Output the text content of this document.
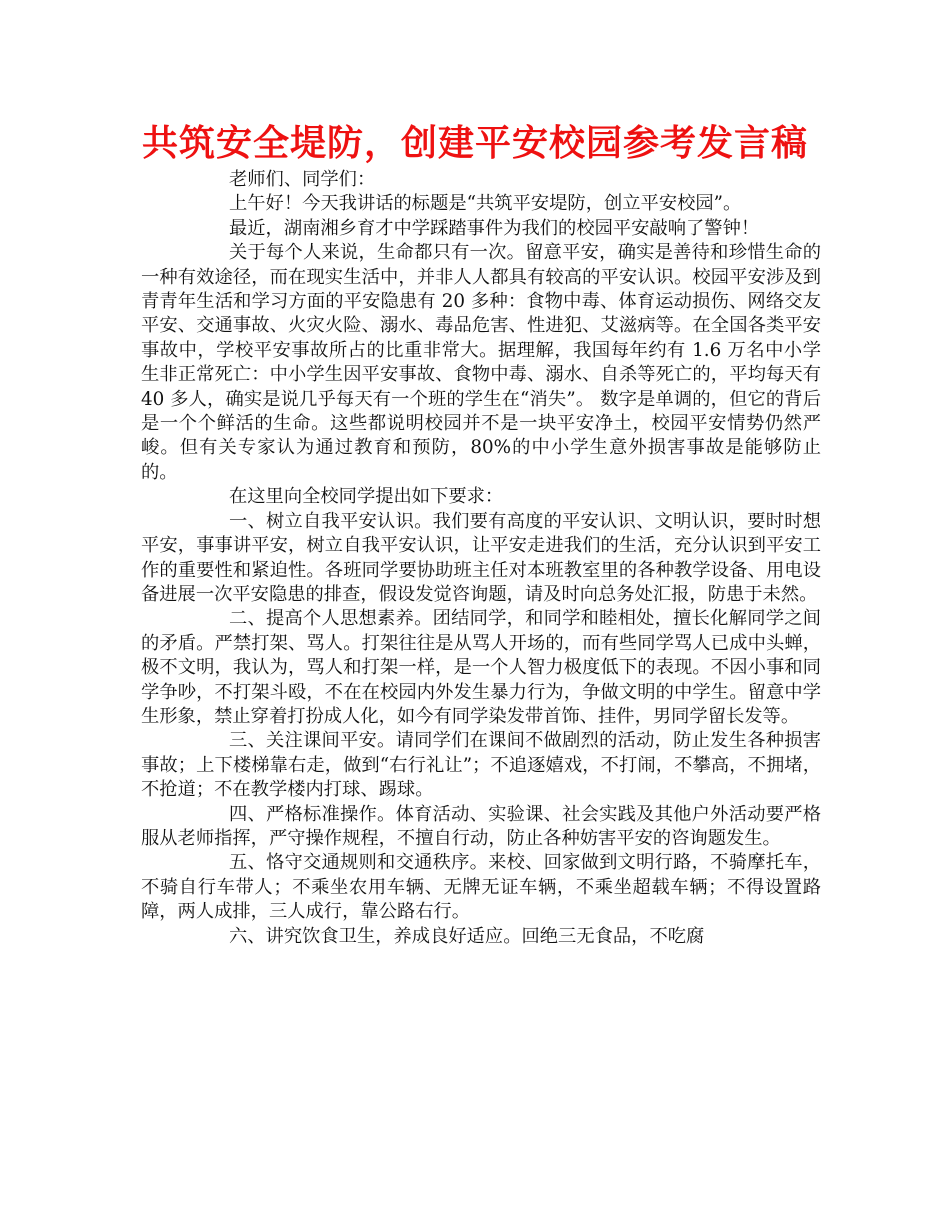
共筑安全堤防，创建平安校园参考发言稿

老师们、同学们：

上午好！今天我讲话的标题是“共筑平安堤防，创立平安校园”。

最近，湖南湘乡育才中学踩踏事件为我们的校园平安敲响了警钟！

关于每个人来说，生命都只有一次。留意平安，确实是善待和珍惜生命的一种有效途径，而在现实生活中，并非人人都具有较高的平安认识。校园平安涉及到青青年生活和学习方面的平安隐患有 20 多种：食物中毒、体育运动损伤、网络交友平安、交通事故、火灾火险、溺水、毒品危害、性进犯、艾滋病等。在全国各类平安事故中，学校平安事故所占的比重非常大。据理解，我国每年约有 1.6 万名中小学生非正常死亡：中小学生因平安事故、食物中毒、溺水、自杀等死亡的，平均每天有 40 多人，确实是说几乎每天有一个班的学生在“消失”。 数字是单调的，但它的背后是一个个鲜活的生命。这些都说明校园并不是一块平安净土，校园平安情势仍然严峻。但有关专家认为通过教育和预防，80%的中小学生意外损害事故是能够防止的。

在这里向全校同学提出如下要求：

一、树立自我平安认识。我们要有高度的平安认识、文明认识，要时时想平安，事事讲平安，树立自我平安认识，让平安走进我们的生活，充分认识到平安工作的重要性和紧迫性。各班同学要协助班主任对本班教室里的各种教学设备、用电设备进展一次平安隐患的排查，假设发觉咨询题，请及时向总务处汇报，防患于未然。

二、提高个人思想素养。团结同学，和同学和睦相处，擅长化解同学之间的矛盾。严禁打架、骂人。打架往往是从骂人开场的，而有些同学骂人已成中头蝉，极不文明，我认为，骂人和打架一样，是一个人智力极度低下的表现。不因小事和同学争吵，不打架斗殴，不在在校园内外发生暴力行为，争做文明的中学生。留意中学生形象，禁止穿着打扮成人化，如今有同学染发带首饰、挂件，男同学留长发等。

三、关注课间平安。请同学们在课间不做剧烈的活动，防止发生各种损害事故；上下楼梯靠右走，做到“右行礼让”；不追逐嬉戏，不打闹，不攀高，不拥堵，不抢道；不在教学楼内打球、踢球。

四、严格标准操作。体育活动、实验课、社会实践及其他户外活动要严格服从老师指挥，严守操作规程，不擅自行动，防止各种妨害平安的咨询题发生。

五、恪守交通规则和交通秩序。来校、回家做到文明行路，不骑摩托车，不骑自行车带人；不乘坐农用车辆、无牌无证车辆，不乘坐超载车辆；不得设置路障，两人成排，三人成行，靠公路右行。

六、讲究饮食卫生，养成良好适应。回绝三无食品，不吃腐
